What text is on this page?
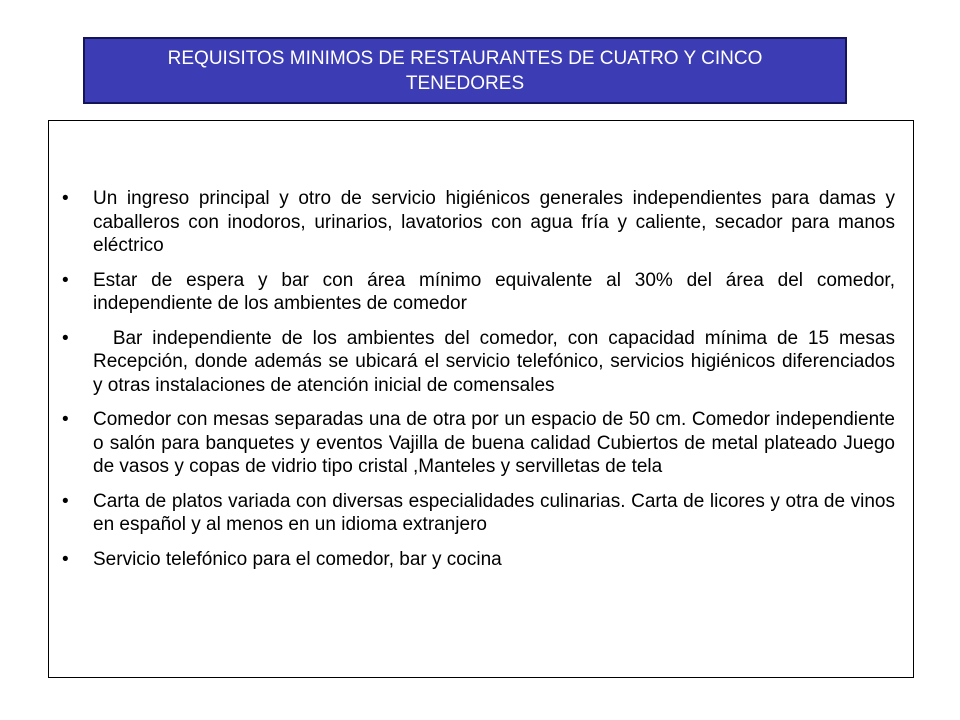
REQUISITOS MINIMOS DE RESTAURANTES DE CUATRO Y CINCO TENEDORES
• Un ingreso principal y otro de servicio higiénicos generales independientes para damas y caballeros con inodoros, urinarios, lavatorios con agua fría y caliente, secador para manos eléctrico
• Estar de espera y bar con área mínimo equivalente al 30% del área del comedor, independiente de los ambientes de comedor
• Bar independiente de los ambientes del comedor, con capacidad mínima de 15 mesas Recepción, donde además se ubicará el servicio telefónico, servicios higiénicos diferenciados y otras instalaciones de atención inicial de comensales
• Comedor con mesas separadas una de otra por un espacio de 50 cm. Comedor independiente o salón para banquetes y eventos Vajilla de buena calidad Cubiertos de metal plateado Juego de vasos y copas de vidrio tipo cristal ,Manteles y servilletas de tela
• Carta de platos variada con diversas especialidades culinarias. Carta de licores y otra de vinos en español y al menos en un idioma extranjero
• Servicio telefónico para el comedor, bar y cocina
